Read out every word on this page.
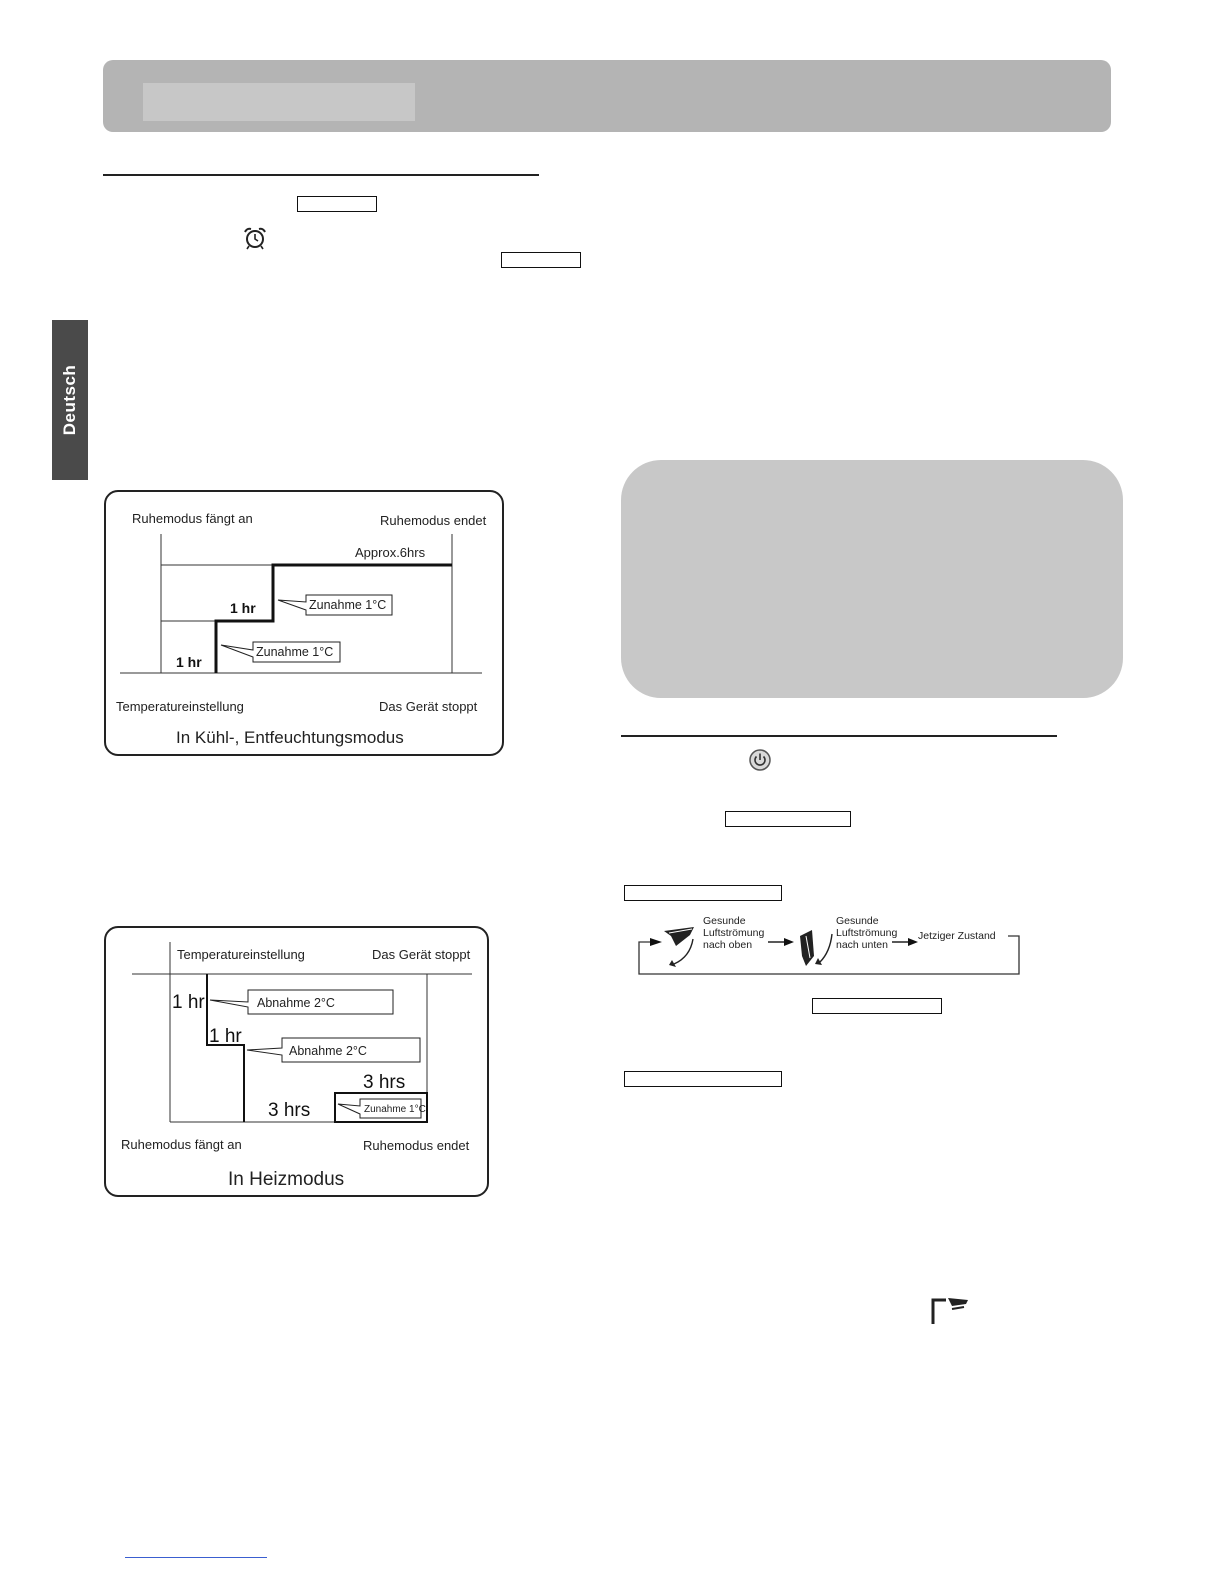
Deutsch
Ruhemodus fängt an	Ruhemodus endet
Approx.6hrs
1 hr
1 hr
Zunahme 1°C
Zunahme 1°C
Temperatureinstellung	Das Gerät stoppt
In Kühl-, Entfeuchtungsmodus
Temperatureinstellung	Das Gerät stoppt
1 hr
1 hr
3 hrs
3 hrs
Abnahme 2°C
Abnahme 2°C
Zunahme 1°C
Ruhemodus fängt an	Ruhemodus endet
In Heizmodus
Gesunde
Luftströmung
nach oben
Gesunde
Luftströmung
nach unten
Jetziger Zustand
